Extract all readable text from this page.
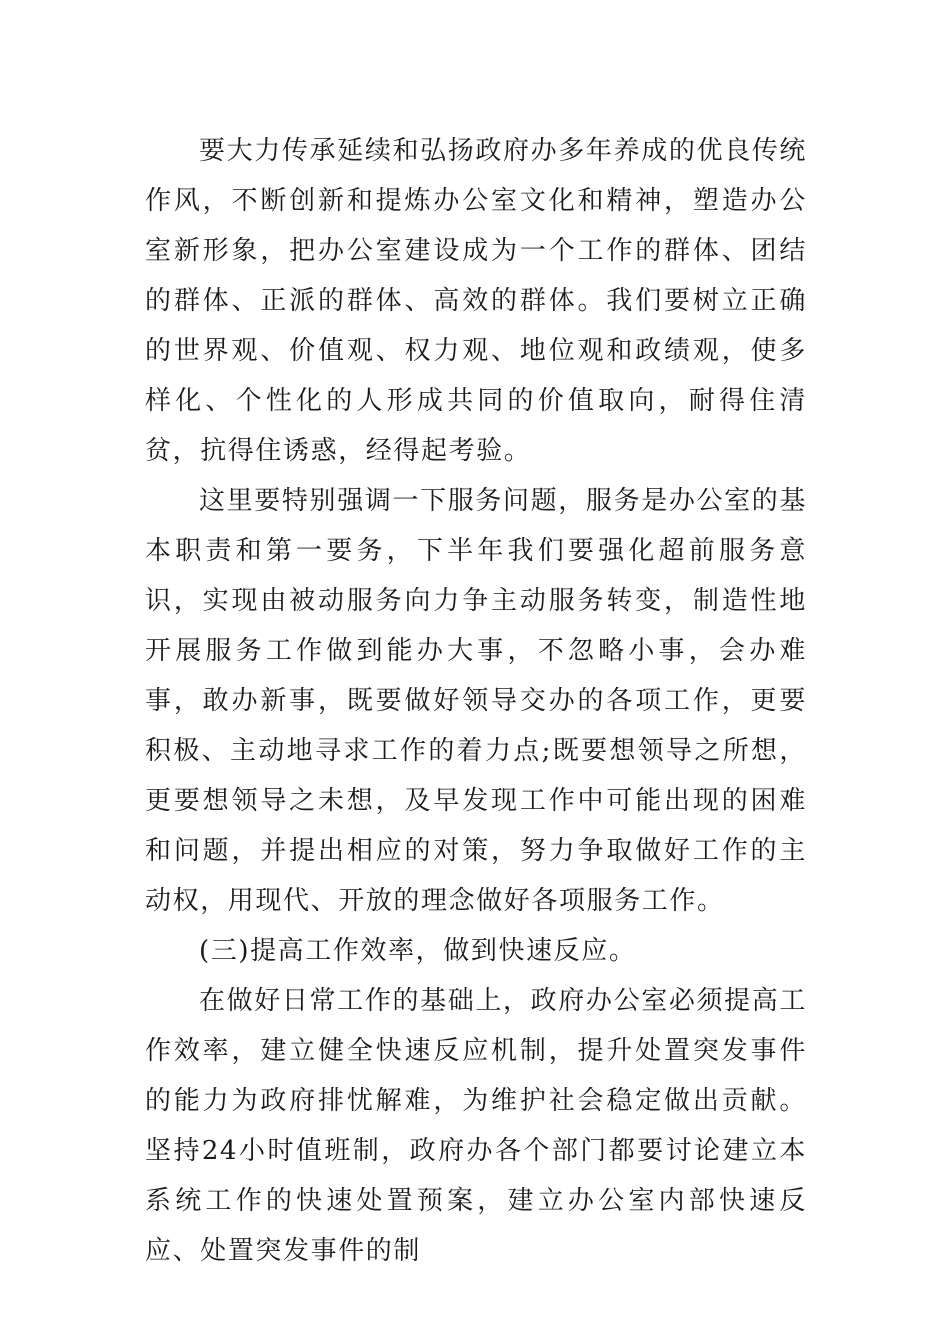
要大力传承延续和弘扬政府办多年养成的优良传统作风，不断创新和提炼办公室文化和精神，塑造办公室新形象，把办公室建设成为一个工作的群体、团结的群体、正派的群体、高效的群体。我们要树立正确的世界观、价值观、权力观、地位观和政绩观，使多样化、个性化的人形成共同的价值取向，耐得住清贫，抗得住诱惑，经得起考验。

这里要特别强调一下服务问题，服务是办公室的基本职责和第一要务，下半年我们要强化超前服务意识，实现由被动服务向力争主动服务转变，制造性地开展服务工作做到能办大事，不忽略小事，会办难事，敢办新事，既要做好领导交办的各项工作，更要积极、主动地寻求工作的着力点;既要想领导之所想，更要想领导之未想，及早发现工作中可能出现的困难和问题，并提出相应的对策，努力争取做好工作的主动权，用现代、开放的理念做好各项服务工作。

(三)提高工作效率，做到快速反应。

在做好日常工作的基础上，政府办公室必须提高工作效率，建立健全快速反应机制，提升处置突发事件的能力为政府排忧解难，为维护社会稳定做出贡献。坚持24小时值班制，政府办各个部门都要讨论建立本系统工作的快速处置预案，建立办公室内部快速反应、处置突发事件的制
